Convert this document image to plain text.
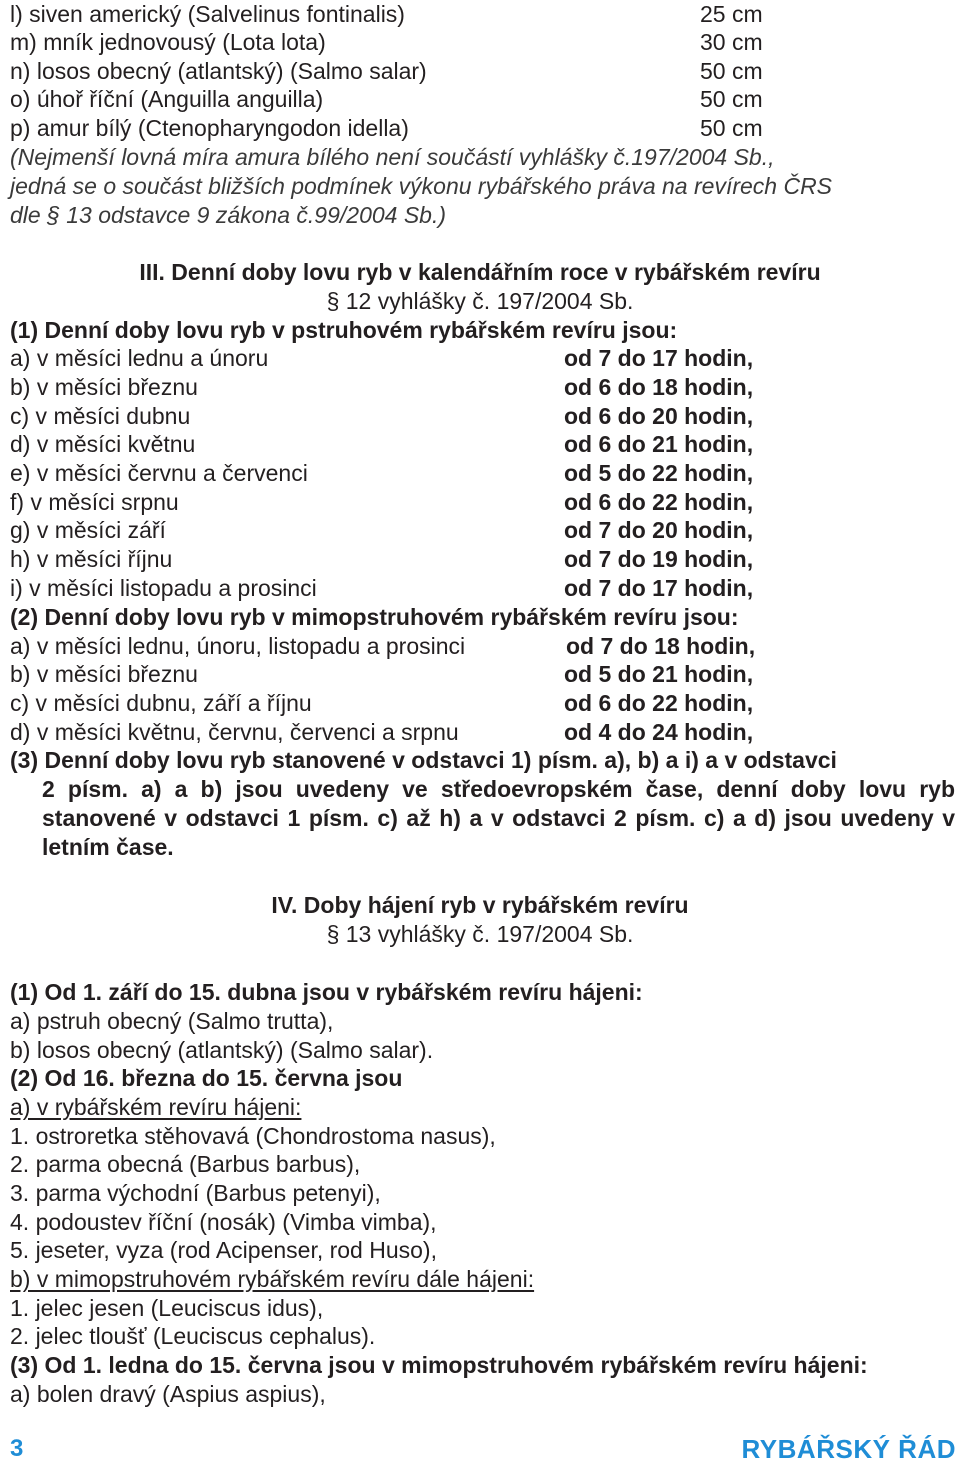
l) siven americký (Salvelinus fontinalis)	25 cm
m) mník jednovousý (Lota lota)	30 cm
n) losos obecný (atlantský) (Salmo salar)	50 cm
o) úhoř říční (Anguilla anguilla)	50 cm
p) amur bílý (Ctenopharyngodon idella)	50 cm
(Nejmenší lovná míra amura bílého není součástí vyhlášky č.197/2004 Sb.,
jedná se o součást bližších podmínek výkonu rybářského práva na revírech ČRS
dle § 13 odstavce 9 zákona č.99/2004 Sb.)
III. Denní doby lovu ryb v kalendářním roce v rybářském revíru
§ 12 vyhlášky č. 197/2004 Sb.
(1) Denní doby lovu ryb v pstruhovém rybářském revíru jsou:
a) v měsíci lednu a únoru	od 7 do 17 hodin,
b) v měsíci březnu	od 6 do 18 hodin,
c) v měsíci dubnu	od 6 do 20 hodin,
d) v měsíci květnu	od 6 do 21 hodin,
e) v měsíci červnu a červenci	od 5 do 22 hodin,
f) v měsíci srpnu	od 6 do 22 hodin,
g) v měsíci září	od 7 do 20 hodin,
h) v měsíci říjnu	od 7 do 19 hodin,
i) v měsíci listopadu a prosinci	od 7 do 17 hodin,
(2) Denní doby lovu ryb v mimopstruhovém rybářském revíru jsou:
a) v měsíci lednu, únoru, listopadu a prosinci	od 7 do 18 hodin,
b) v měsíci březnu	od 5 do 21 hodin,
c) v měsíci dubnu, září a říjnu	od 6 do 22 hodin,
d) v měsíci květnu, červnu, červenci a srpnu	od 4 do 24 hodin,
(3) Denní doby lovu ryb stanovené v odstavci 1) písm. a), b) a i) a v odstavci
2 písm. a) a b) jsou uvedeny ve středoevropském čase, denní doby lovu ryb stanovené v odstavci 1 písm. c) až h) a v odstavci 2 písm. c) a d) jsou uvedeny v letním čase.
IV. Doby hájení ryb v rybářském revíru
§ 13 vyhlášky č. 197/2004 Sb.
(1) Od 1. září do 15. dubna jsou v rybářském revíru hájeni:
a) pstruh obecný (Salmo trutta),
b) losos obecný (atlantský) (Salmo salar).
(2) Od 16. března do 15. června jsou
a) v rybářském revíru hájeni:
1. ostroretka stěhovavá (Chondrostoma nasus),
2. parma obecná (Barbus barbus),
3. parma východní (Barbus petenyi),
4. podoustev říční (nosák) (Vimba vimba),
5. jeseter, vyza (rod Acipenser, rod Huso),
b) v mimopstruhovém rybářském revíru dále hájeni:
1. jelec jesen (Leuciscus idus),
2. jelec tloušť (Leuciscus cephalus).
(3) Od 1. ledna do 15. června jsou v mimopstruhovém rybářském revíru hájeni:
a) bolen dravý (Aspius aspius),
3	RYBÁŘSKÝ ŘÁD
